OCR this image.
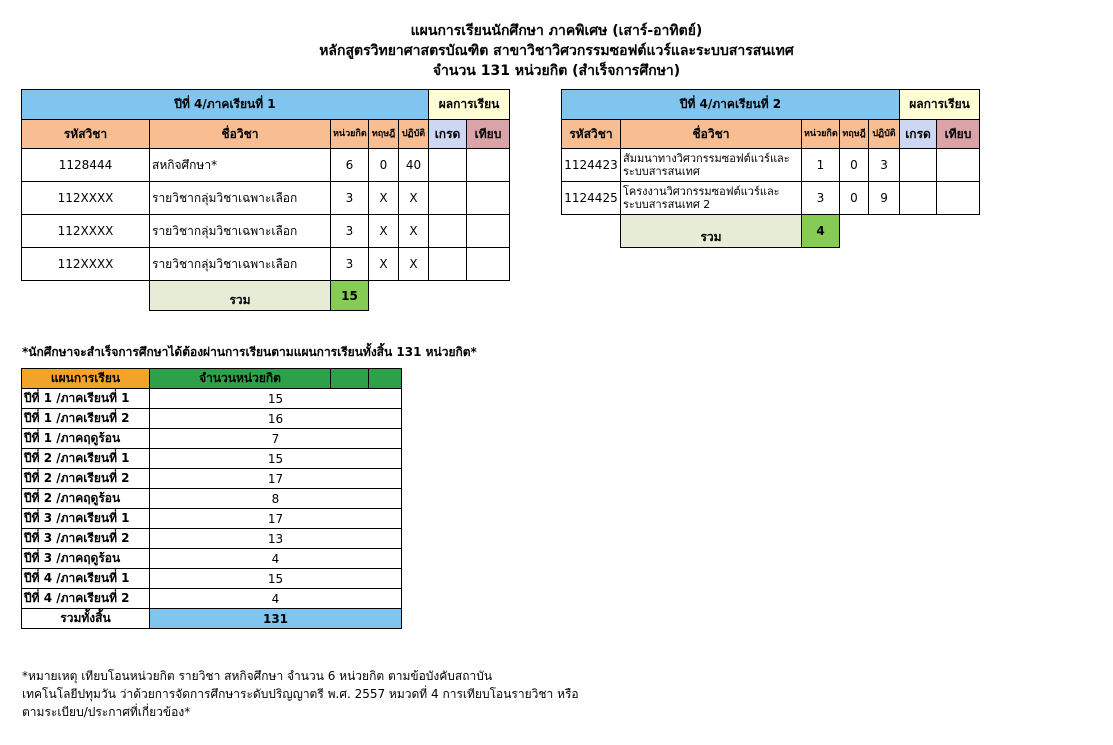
แผนการเรียนนักศึกษา ภาคพิเศษ (เสาร์-อาทิตย์)
หลักสูตรวิทยาศาสตรบัณฑิต สาขาวิชาวิศวกรรมซอฟต์แวร์และระบบสารสนเทศ
จำนวน 131 หน่วยกิต (สำเร็จการศึกษา)
ปีที่ 4/ภาคเรียนที่ 1					ผลการเรียน	
รหัสวิชา	ชื่อวิชา	หน่วยกิต	ทฤษฎี	ปฏิบัติ	เกรด	เทียบ
1128444	สหกิจศึกษา*	6	0	40		
112XXXX	รายวิชากลุ่มวิชาเฉพาะเลือก	3	X	X		
112XXXX	รายวิชากลุ่มวิชาเฉพาะเลือก	3	X	X		
112XXXX	รายวิชากลุ่มวิชาเฉพาะเลือก	3	X	X		
	รวม	15				
ปีที่ 4/ภาคเรียนที่ 2					ผลการเรียน	
รหัสวิชา	ชื่อวิชา	หน่วยกิต	ทฤษฎี	ปฏิบัติ	เกรด	เทียบ
1124423	สัมมนาทางวิศวกรรมซอฟต์แวร์และระบบสารสนเทศ	1	0	3		
1124425	โครงงานวิศวกรรมซอฟต์แวร์และระบบสารสนเทศ 2	3	0	9		
	รวม	4				
*นักศึกษาจะสำเร็จการศึกษาได้ต้องผ่านการเรียนตามแผนการเรียนทั้งสิ้น 131 หน่วยกิต*
แผนการเรียน	จำนวนหน่วยกิต		
ปีที่ 1 /ภาคเรียนที่ 1	15		
ปีที่ 1 /ภาคเรียนที่ 2	16		
ปีที่ 1 /ภาคฤดูร้อน	7		
ปีที่ 2 /ภาคเรียนที่ 1	15		
ปีที่ 2 /ภาคเรียนที่ 2	17		
ปีที่ 2 /ภาคฤดูร้อน	8		
ปีที่ 3 /ภาคเรียนที่ 1	17		
ปีที่ 3 /ภาคเรียนที่ 2	13		
ปีที่ 3 /ภาคฤดูร้อน	4		
ปีที่ 4 /ภาคเรียนที่ 1	15		
ปีที่ 4 /ภาคเรียนที่ 2	4		
รวมทั้งสิ้น	131		
*หมายเหตุ เทียบโอนหน่วยกิต รายวิชา สหกิจศึกษา จำนวน 6 หน่วยกิต ตามข้อบังคับสถาบัน
เทคโนโลยีปทุมวัน ว่าด้วยการจัดการศึกษาระดับปริญญาตรี พ.ศ. 2557 หมวดที่ 4 การเทียบโอนรายวิชา หรือ
ตามระเบียบ/ประกาศที่เกี่ยวข้อง*
